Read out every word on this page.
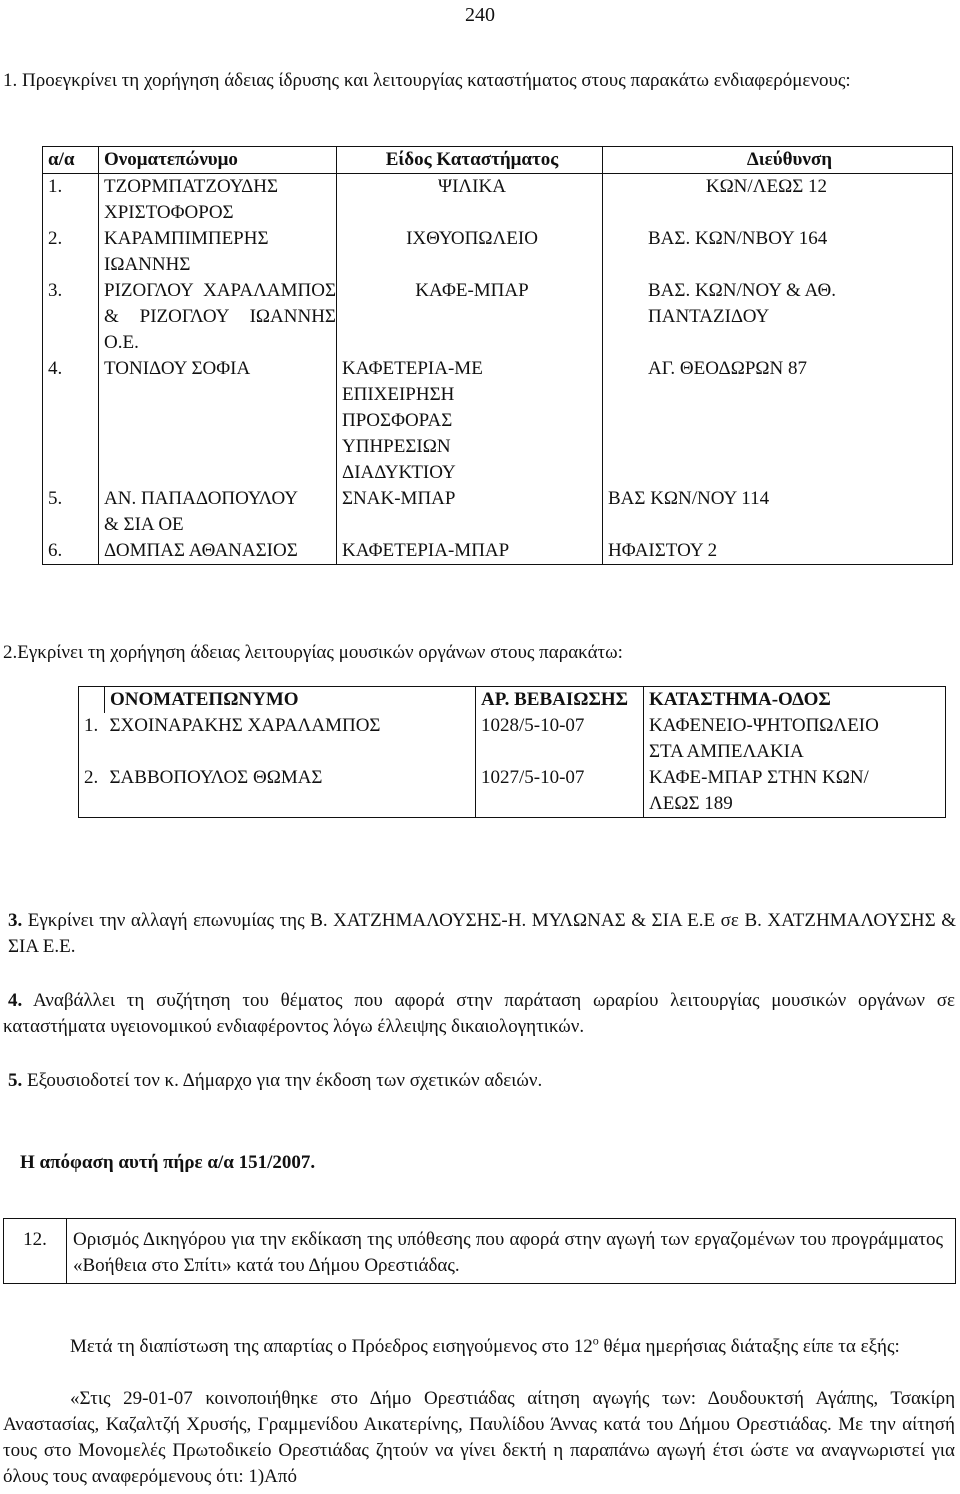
240
1. Προεγκρίνει τη χορήγηση άδειας ίδρυσης και λειτουργίας καταστήματος στους παρακάτω ενδιαφερόμενους:
α/α	Ονοματεπώνυμο	Είδος Καταστήματος	Διεύθυνση
1.	ΤΖΟΡΜΠΑΤΖΟΥΔΗΣ ΧΡΙΣΤΟΦΟΡΟΣ	ΨΙΛΙΚΑ	ΚΩΝ/ΛΕΩΣ 12
2.	ΚΑΡΑΜΠΙΜΠΕΡΗΣ ΙΩΑΝΝΗΣ	ΙΧΘΥΟΠΩΛΕΙΟ	ΒΑΣ. ΚΩΝ/ΝΒΟΥ 164
3.	ΡΙΖΟΓΛΟΥ ΧΑΡΑΛΑΜΠΟΣ & ΡΙΖΟΓΛΟΥ ΙΩΑΝΝΗΣ Ο.Ε.	ΚΑΦΕ-ΜΠΑΡ	ΒΑΣ. ΚΩΝ/ΝΟΥ & ΑΘ. ΠΑΝΤΑΖΙΔΟΥ
4.	ΤΟΝΙΔΟΥ ΣΟΦΙΑ	ΚΑΦΕΤΕΡΙΑ-ΜΕ ΕΠΙΧΕΙΡΗΣΗ ΠΡΟΣΦΟΡΑΣ ΥΠΗΡΕΣΙΩΝ ΔΙΑΔΥΚΤΙΟΥ	ΑΓ. ΘΕΟΔΩΡΩΝ 87
5.	ΑΝ. ΠΑΠΑΔΟΠΟΥΛΟΥ & ΣΙΑ ΟΕ	ΣΝΑΚ-ΜΠΑΡ	ΒΑΣ ΚΩΝ/ΝΟΥ 114
6.	ΔΟΜΠΑΣ ΑΘΑΝΑΣΙΟΣ	ΚΑΦΕΤΕΡΙΑ-ΜΠΑΡ	ΗΦΑΙΣΤΟΥ 2
2.Εγκρίνει τη χορήγηση άδειας λειτουργίας μουσικών οργάνων στους παρακάτω:
	ΟΝΟΜΑΤΕΠΩΝΥΜΟ	ΑΡ. ΒΕΒΑΙΩΣΗΣ	ΚΑΤΑΣΤΗΜΑ-ΟΔΟΣ
1.	ΣΧΟΙΝΑΡΑΚΗΣ ΧΑΡΑΛΑΜΠΟΣ	1028/5-10-07	ΚΑΦΕΝΕΙΟ-ΨΗΤΟΠΩΛΕΙΟ ΣΤΑ ΑΜΠΕΛΑΚΙΑ
2.	ΣΑΒΒΟΠΟΥΛΟΣ ΘΩΜΑΣ	1027/5-10-07	ΚΑΦΕ-ΜΠΑΡ ΣΤΗΝ ΚΩΝ/ΛΕΩΣ 189
3. Εγκρίνει την αλλαγή επωνυμίας της Β. ΧΑΤΖΗΜΑΛΟΥΣΗΣ-Η. ΜΥΛΩΝΑΣ & ΣΙΑ Ε.Ε σε Β. ΧΑΤΖΗΜΑΛΟΥΣΗΣ & ΣΙΑ Ε.Ε.
4. Αναβάλλει τη συζήτηση του θέματος που αφορά στην παράταση ωραρίου λειτουργίας μουσικών οργάνων σε καταστήματα υγειονομικού ενδιαφέροντος λόγω έλλειψης δικαιολογητικών.
5. Εξουσιοδοτεί τον κ. Δήμαρχο για την έκδοση των σχετικών αδειών.
Η απόφαση αυτή πήρε α/α 151/2007.
12.	Ορισμός Δικηγόρου για την εκδίκαση της υπόθεσης που αφορά στην αγωγή των εργαζομένων του προγράμματος «Βοήθεια στο Σπίτι» κατά του Δήμου Ορεστιάδας.
Μετά τη διαπίστωση της απαρτίας ο Πρόεδρος εισηγούμενος στο $12^o$ θέμα ημερήσιας διάταξης είπε τα εξής:
«Στις 29-01-07 κοινοποιήθηκε στο Δήμο Ορεστιάδας αίτηση αγωγής των: Δουδουκτσή Αγάπης, Τσακίρη Αναστασίας, Καζαλτζή Χρυσής, Γραμμενίδου Αικατερίνης, Παυλίδου Άννας κατά του Δήμου Ορεστιάδας. Με την αίτησή τους στο Μονομελές Πρωτοδικείο Ορεστιάδας ζητούν να γίνει δεκτή η παραπάνω αγωγή έτσι ώστε να αναγνωριστεί για όλους τους αναφερόμενους ότι: 1)Από
